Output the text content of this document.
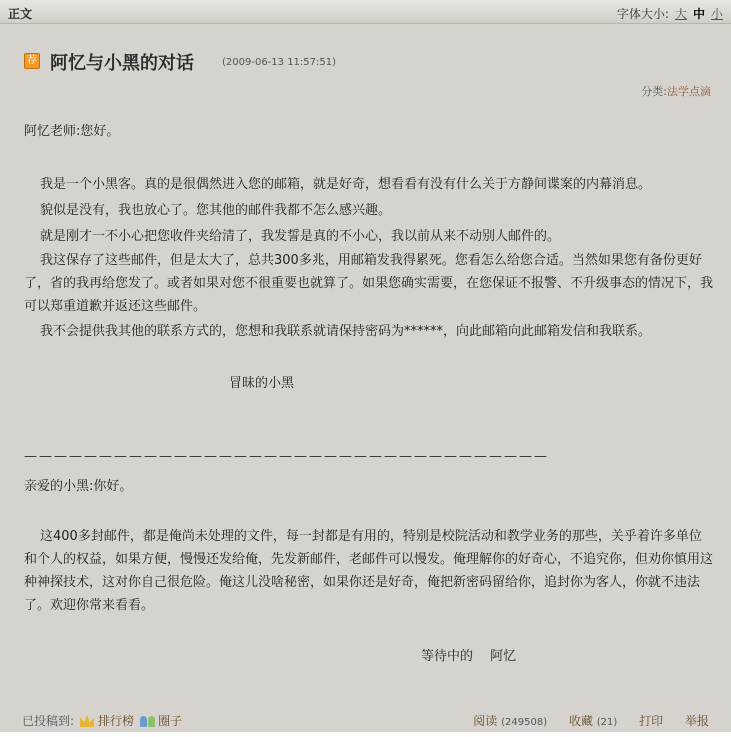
正文	字体大小: 大 中 小
荐 阿忆与小黑的对话	(2009-06-13 11:57:51)
分类:法学点滴
阿忆老师:您好。
我是一个小黑客。真的是很偶然进入您的邮箱，就是好奇，想看看有没有什么关于方静间谍案的内幕消息。
貌似是没有，我也放心了。您其他的邮件我都不怎么感兴趣。
就是刚才一不小心把您收件夹给清了，我发誓是真的不小心，我以前从来不动别人邮件的。
我这保存了这些邮件，但是太大了，总共300多兆，用邮箱发我得累死。您看怎么给您合适。当然如果您有备份更好了，省的我再给您发了。或者如果对您不很重要也就算了。如果您确实需要，在您保证不报警、不升级事态的情况下，我可以郑重道歉并返还这些邮件。
我不会提供我其他的联系方式的，您想和我联系就请保持密码为******，向此邮箱向此邮箱发信和我联系。
冒昧的小黑
———————————————————————————————————
亲爱的小黑:你好。
这400多封邮件，都是俺尚未处理的文件，每一封都是有用的，特别是校院活动和教学业务的那些，关乎着许多单位和个人的权益，如果方便，慢慢还发给俺，先发新邮件，老邮件可以慢发。俺理解你的好奇心，不追究你，但劝你慎用这种神探技术，这对你自己很危险。俺这儿没啥秘密，如果你还是好奇，俺把新密码留给你，追封你为客人，你就不违法了。欢迎你常来看看。
等待中的　 阿忆
已投稿到: 排行榜 圈子	阅读 (249508) 收藏 (21) 打印 举报
